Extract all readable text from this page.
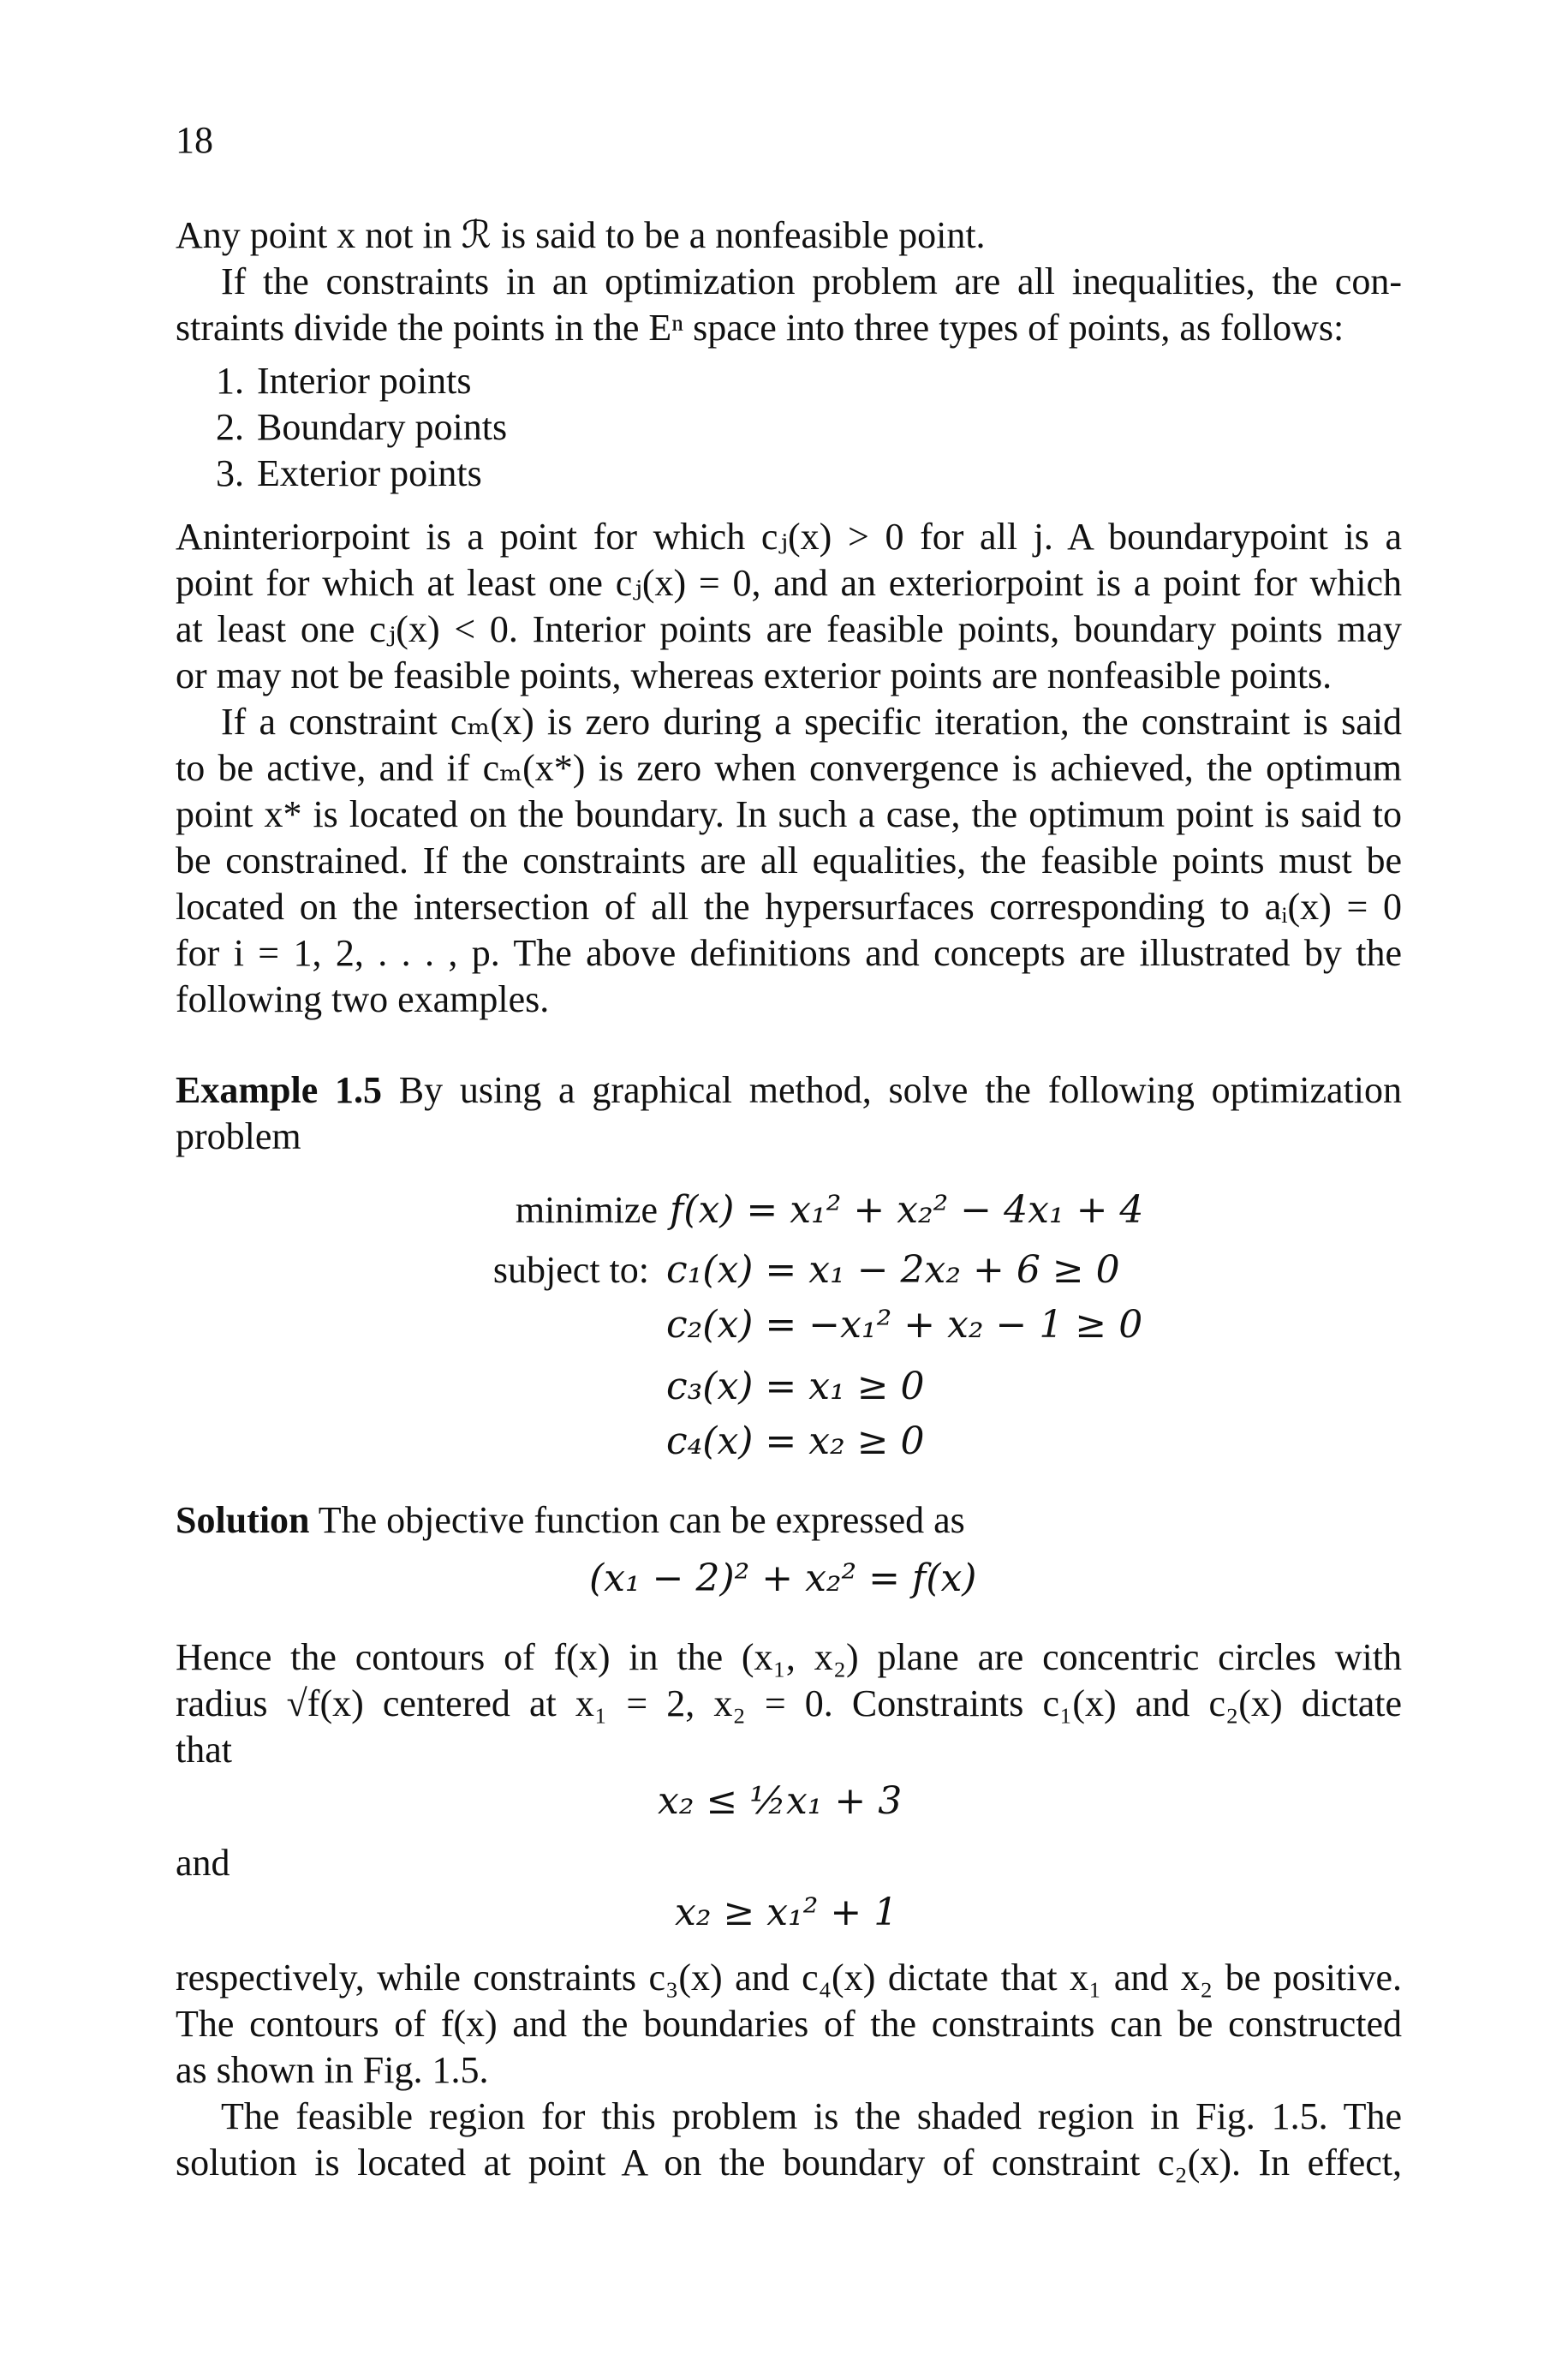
18
Any point x not in ℛ is said to be a nonfeasible point.
If the constraints in an optimization problem are all inequalities, the con-
straints divide the points in the Eⁿ space into three types of points, as follows:
1. Interior points
2. Boundary points
3. Exterior points
Aninteriorpoint is a point for which cⱼ(x) > 0 for all j. A boundarypoint is a
point for which at least one cⱼ(x) = 0, and an exteriorpoint is a point for which
at least one cⱼ(x) < 0. Interior points are feasible points, boundary points may
or may not be feasible points, whereas exterior points are nonfeasible points.
If a constraint cₘ(x) is zero during a specific iteration, the constraint is said
to be active, and if cₘ(x*) is zero when convergence is achieved, the optimum
point x* is located on the boundary. In such a case, the optimum point is said to
be constrained. If the constraints are all equalities, the feasible points must be
located on the intersection of all the hypersurfaces corresponding to aᵢ(x) = 0
for i = 1, 2, . . . , p. The above definitions and concepts are illustrated by the
following two examples.
Example 1.5 By using a graphical method, solve the following optimization
problem
minimize f(x) = x₁² + x₂² − 4x₁ + 4
subject to: c₁(x) = x₁ − 2x₂ + 6 ≥ 0
c₂(x) = −x₁² + x₂ − 1 ≥ 0
c₃(x) = x₁ ≥ 0
c₄(x) = x₂ ≥ 0
Solution The objective function can be expressed as
(x₁ − 2)² + x₂² = f(x)
Hence the contours of f(x) in the (x₁, x₂) plane are concentric circles with
radius √f(x) centered at x₁ = 2, x₂ = 0. Constraints c₁(x) and c₂(x) dictate
that
x₂ ≤ ½x₁ + 3
and
x₂ ≥ x₁² + 1
respectively, while constraints c₃(x) and c₄(x) dictate that x₁ and x₂ be positive.
The contours of f(x) and the boundaries of the constraints can be constructed
as shown in Fig. 1.5.
The feasible region for this problem is the shaded region in Fig. 1.5. The
solution is located at point A on the boundary of constraint c₂(x). In effect,
